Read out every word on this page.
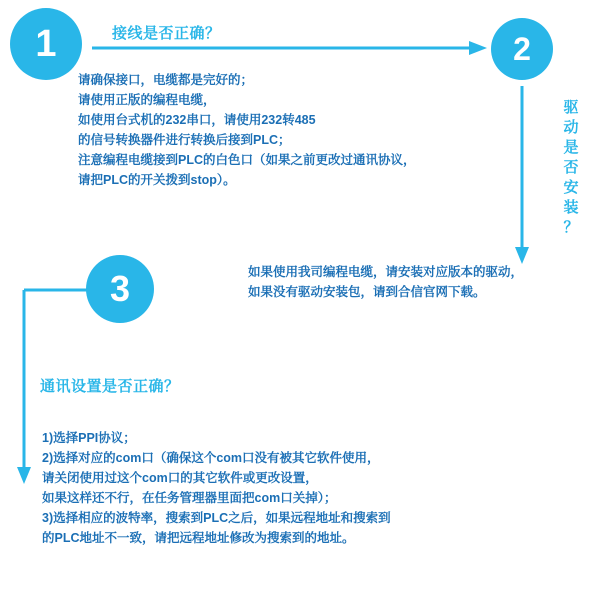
1	接线是否正确？
请确保接口，电缆都是完好的；
请使用正版的编程电缆，
如使用台式机的232串口，请使用232转485
的信号转换器件进行转换后接到PLC；
注意编程电缆接到PLC的白色口（如果之前更改过通讯协议，
请把PLC的开关拨到stop）。
2
驱
动
是
否
安
装
？
如果使用我司编程电缆，请安装对应版本的驱动，
如果没有驱动安装包，请到合信官网下载。
3
通讯设置是否正确？
1)选择PPI协议；
2)选择对应的com口（确保这个com口没有被其它软件使用，
请关闭使用过这个com口的其它软件或更改设置，
如果这样还不行，在任务管理器里面把com口关掉）；
3)选择相应的波特率，搜索到PLC之后，如果远程地址和搜索到
的PLC地址不一致，请把远程地址修改为搜索到的地址。
